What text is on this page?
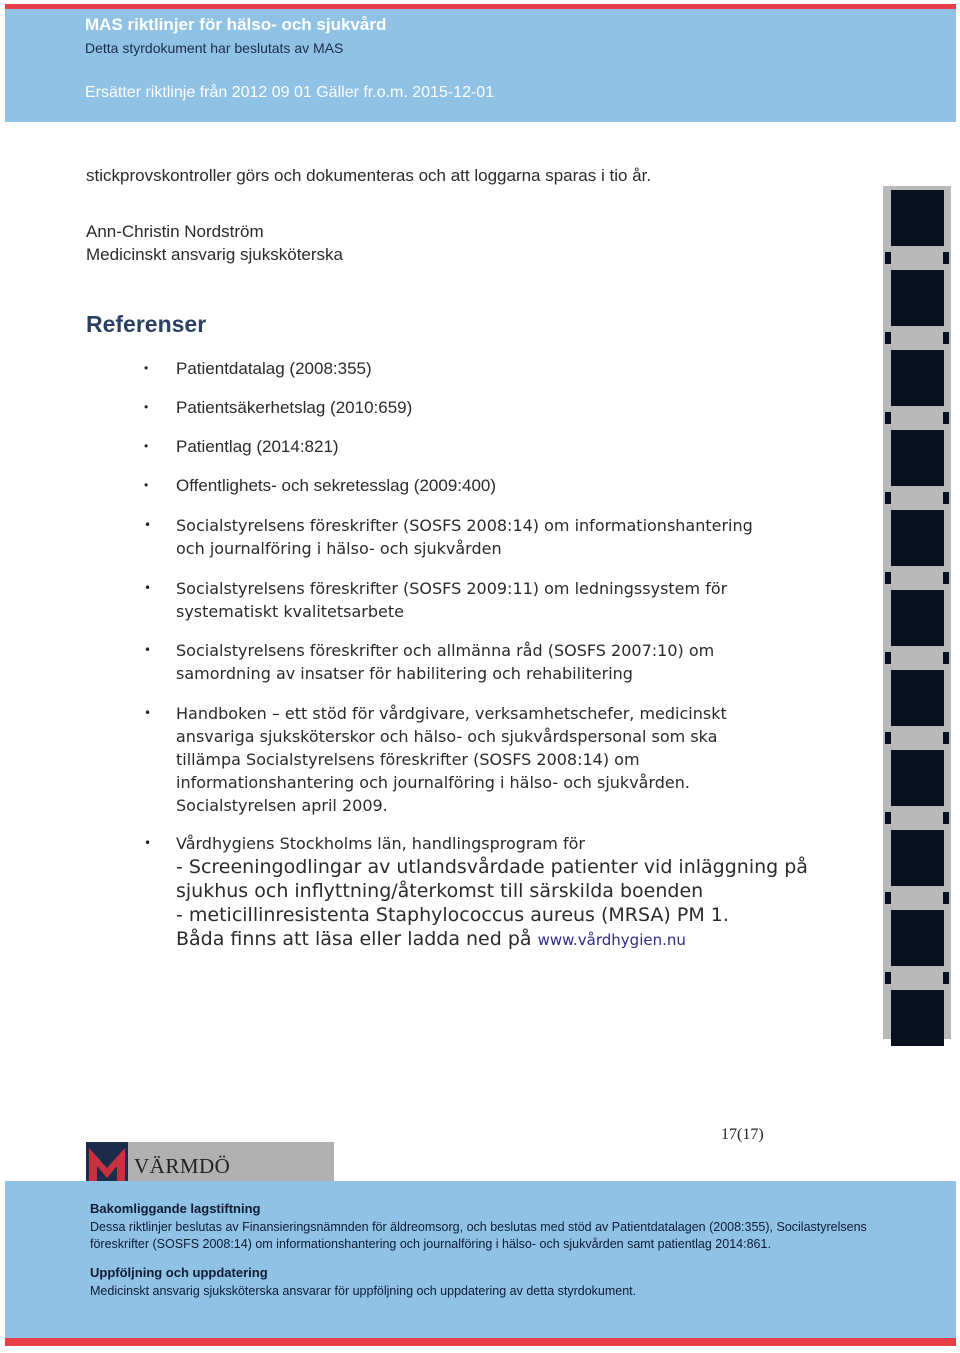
MAS riktlinjer för hälso- och sjukvård
Detta styrdokument har beslutats av MAS
Ersätter riktlinje från 2012 09 01 Gäller fr.o.m. 2015-12-01
stickprovskontroller görs och dokumenteras och att loggarna sparas i tio år.
Ann-Christin Nordström
Medicinskt ansvarig sjuksköterska
Referenser
• Patientdatalag (2008:355)
• Patientsäkerhetslag (2010:659)
• Patientlag (2014:821)
• Offentlighets- och sekretesslag (2009:400)
• Socialstyrelsens föreskrifter (SOSFS 2008:14) om informationshantering
och journalföring i hälso- och sjukvården
• Socialstyrelsens föreskrifter (SOSFS 2009:11) om ledningssystem för
systematiskt kvalitetsarbete
• Socialstyrelsens föreskrifter och allmänna råd (SOSFS 2007:10) om
samordning av insatser för habilitering och rehabilitering
• Handboken – ett stöd för vårdgivare, verksamhetschefer, medicinskt
ansvariga sjuksköterskor och hälso- och sjukvårdspersonal som ska
tillämpa Socialstyrelsens föreskrifter (SOSFS 2008:14) om
informationshantering och journalföring i hälso- och sjukvården.
Socialstyrelsen april 2009.
• Vårdhygiens Stockholms län, handlingsprogram för
- Screeningodlingar av utlandsvårdade patienter vid inläggning på
sjukhus och inflyttning/återkomst till särskilda boenden
- meticillinresistenta Staphylococcus aureus (MRSA) PM 1.
Båda finns att läsa eller ladda ned på www.vårdhygien.nu
17(17)
VÄRMDÖ
Bakomliggande lagstiftning
Dessa riktlinjer beslutas av Finansieringsnämnden för äldreomsorg, och beslutas med stöd av Patientdatalagen (2008:355), Socilastyrelsens
föreskrifter (SOSFS 2008:14) om informationshantering och journalföring i hälso- och sjukvården samt patientlag 2014:861.
Uppföljning och uppdatering
Medicinskt ansvarig sjuksköterska ansvarar för uppföljning och uppdatering av detta styrdokument.
